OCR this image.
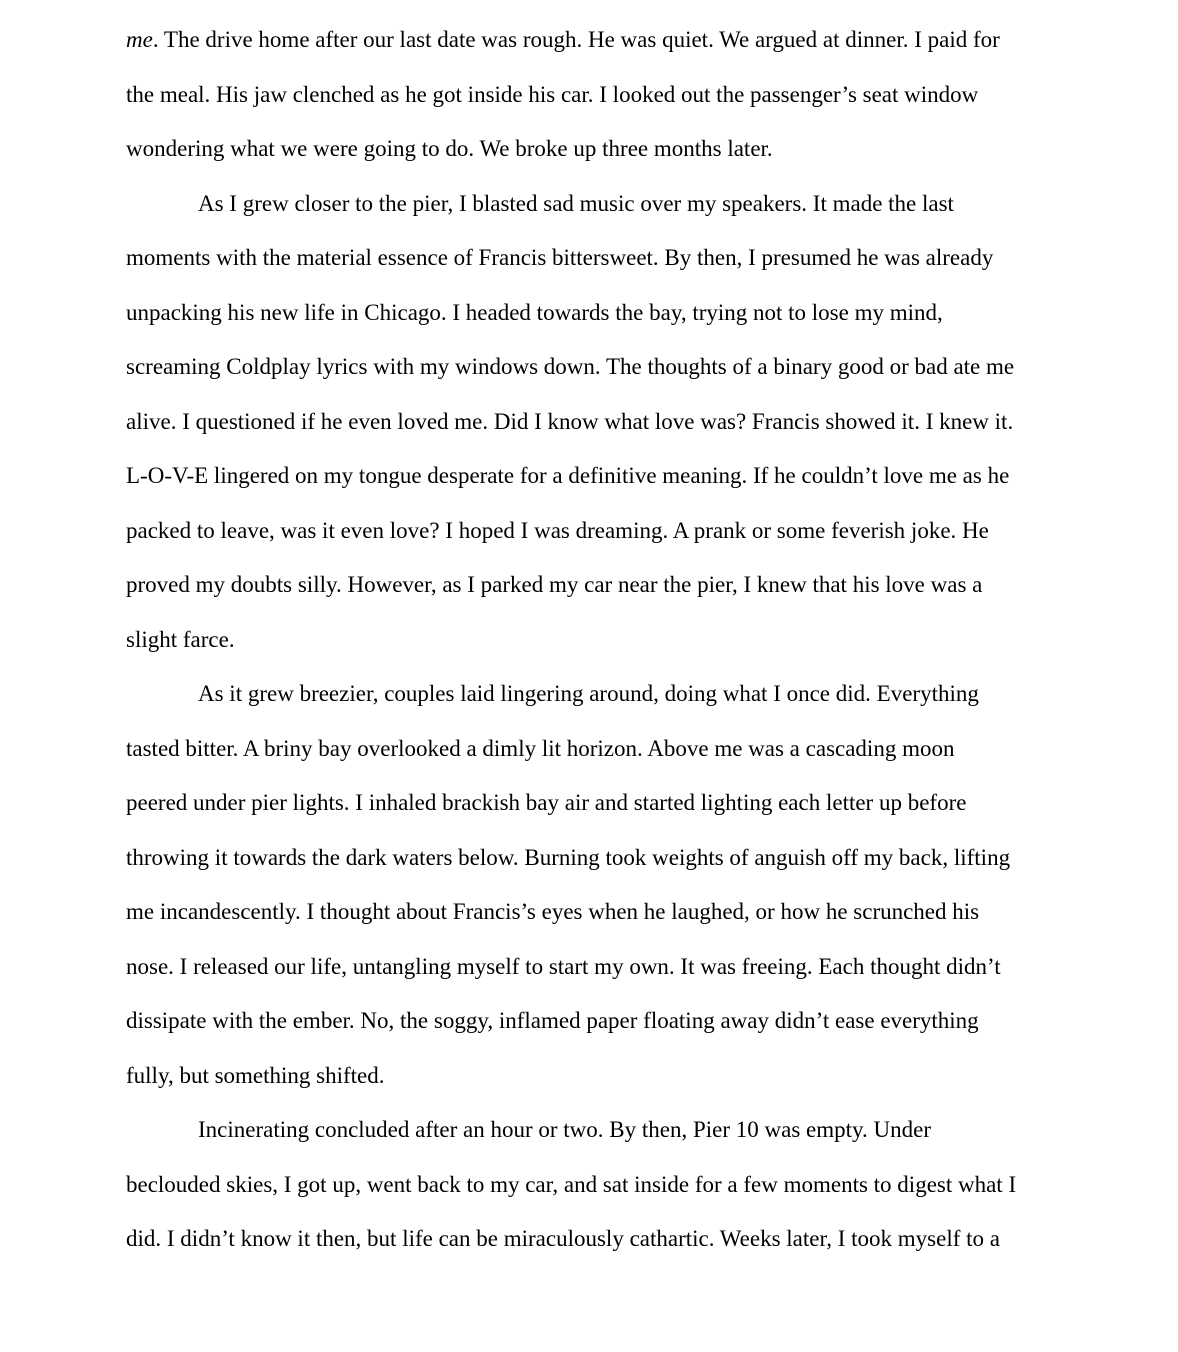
me. The drive home after our last date was rough. He was quiet. We argued at dinner. I paid for
the meal. His jaw clenched as he got inside his car. I looked out the passenger’s seat window
wondering what we were going to do. We broke up three months later.
As I grew closer to the pier, I blasted sad music over my speakers. It made the last
moments with the material essence of Francis bittersweet. By then, I presumed he was already
unpacking his new life in Chicago. I headed towards the bay, trying not to lose my mind,
screaming Coldplay lyrics with my windows down. The thoughts of a binary good or bad ate me
alive. I questioned if he even loved me. Did I know what love was? Francis showed it. I knew it.
L-O-V-E lingered on my tongue desperate for a definitive meaning. If he couldn’t love me as he
packed to leave, was it even love? I hoped I was dreaming. A prank or some feverish joke. He
proved my doubts silly. However, as I parked my car near the pier, I knew that his love was a
slight farce.
As it grew breezier, couples laid lingering around, doing what I once did. Everything
tasted bitter. A briny bay overlooked a dimly lit horizon. Above me was a cascading moon
peered under pier lights. I inhaled brackish bay air and started lighting each letter up before
throwing it towards the dark waters below. Burning took weights of anguish off my back, lifting
me incandescently. I thought about Francis’s eyes when he laughed, or how he scrunched his
nose. I released our life, untangling myself to start my own. It was freeing. Each thought didn’t
dissipate with the ember. No, the soggy, inflamed paper floating away didn’t ease everything
fully, but something shifted.
Incinerating concluded after an hour or two. By then, Pier 10 was empty. Under
beclouded skies, I got up, went back to my car, and sat inside for a few moments to digest what I
did. I didn’t know it then, but life can be miraculously cathartic. Weeks later, I took myself to a
